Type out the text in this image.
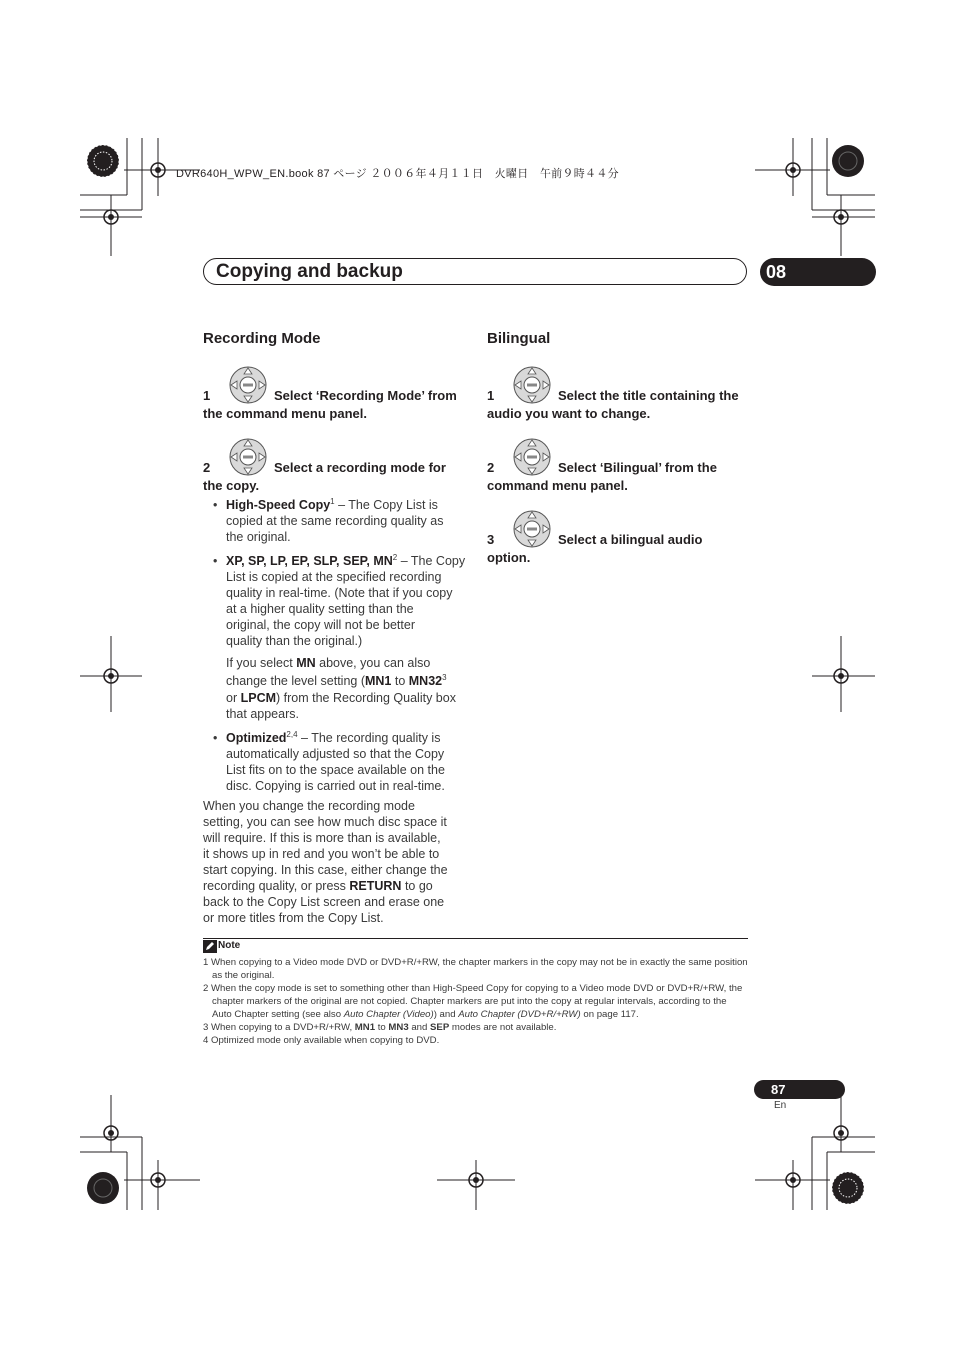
DVR640H_WPW_EN.book 87 ページ ２００６年４月１１日　火曜日　午前９時４４分
Copying and backup	08
Recording Mode
1	Select ‘Recording Mode’ from
the command menu panel.
2	Select a recording mode for
the copy.
• High-Speed Copy$^1$ – The Copy List is
copied at the same recording quality as
the original.
• XP, SP, LP, EP, SLP, SEP, $MN^2$ – The Copy
List is copied at the specified recording
quality in real-time. (Note that if you copy
at a higher quality setting than the
original, the copy will not be better
quality than the original.)
If you select MN above, you can also
change the level setting (MN1 to $MN32^3$
or LPCM) from the Recording Quality box
that appears.
• Optimized$^{2,4}$ – The recording quality is
automatically adjusted so that the Copy
List fits on to the space available on the
disc. Copying is carried out in real-time.
When you change the recording mode
setting, you can see how much disc space it
will require. If this is more than is available,
it shows up in red and you won’t be able to
start copying. In this case, either change the
recording quality, or press RETURN to go
back to the Copy List screen and erase one
or more titles from the Copy List.
Bilingual
1	Select the title containing the
audio you want to change.
2	Select ‘Bilingual’ from the
command menu panel.
3	Select a bilingual audio
option.
Note
1 When copying to a Video mode DVD or DVD+R/+RW, the chapter markers in the copy may not be in exactly the same position as the original.
2 When the copy mode is set to something other than High-Speed Copy for copying to a Video mode DVD or DVD+R/+RW, the chapter markers of the original are not copied. Chapter markers are put into the copy at regular intervals, according to the Auto Chapter setting (see also Auto Chapter (Video)) and Auto Chapter (DVD+R/+RW) on page 117.
3 When copying to a DVD+R/+RW, MN1 to MN3 and SEP modes are not available.
4 Optimized mode only available when copying to DVD.
87
En
